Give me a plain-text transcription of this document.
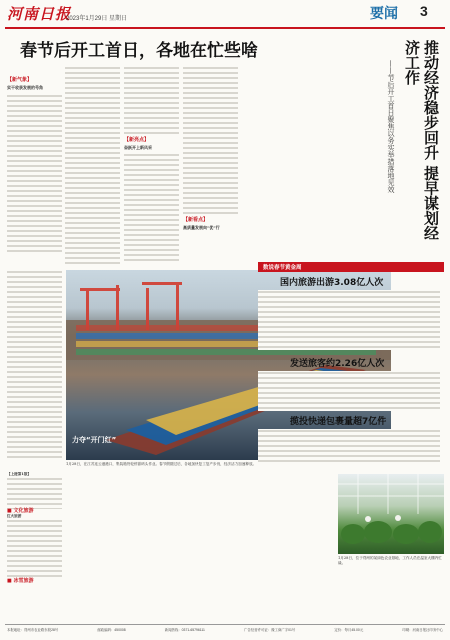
河南日报
2023年1月29日 星期日	要闻 3
春节后开工首日，各地在忙些啥
【新气象】
实干收获发展的号角
【新亮点】
奋跃开上新风采
【新看点】
高质量发展向“优”行	推动经济稳步回升 提早谋划经济工作
——节后开工首日聚焦以务实举措落地见效
力夺“开门红”
1月28日，在江苏连云港港口，集装箱货轮停靠码头作业。春节假期过后，各地加快复工复产步伐，经济活力加速释放。
数说春节黄金周
国内旅游出游3.08亿人次
发送旅客约2.26亿人次
揽投快递包裹量超7亿件
【上接第1版】
■ 文化旅游
红火旅游
■ 冰雪旅游
1月28日，位于郑州的某绿色农业基地，工作人员在温室大棚内忙碌。
本报地址：郑州市农业路东段28号	邮政编码：450008	新闻热线：0371-65796111	广告经营许可证：豫工商广字01号	定价：每月45.00元	印刷：河南日报社印务中心
